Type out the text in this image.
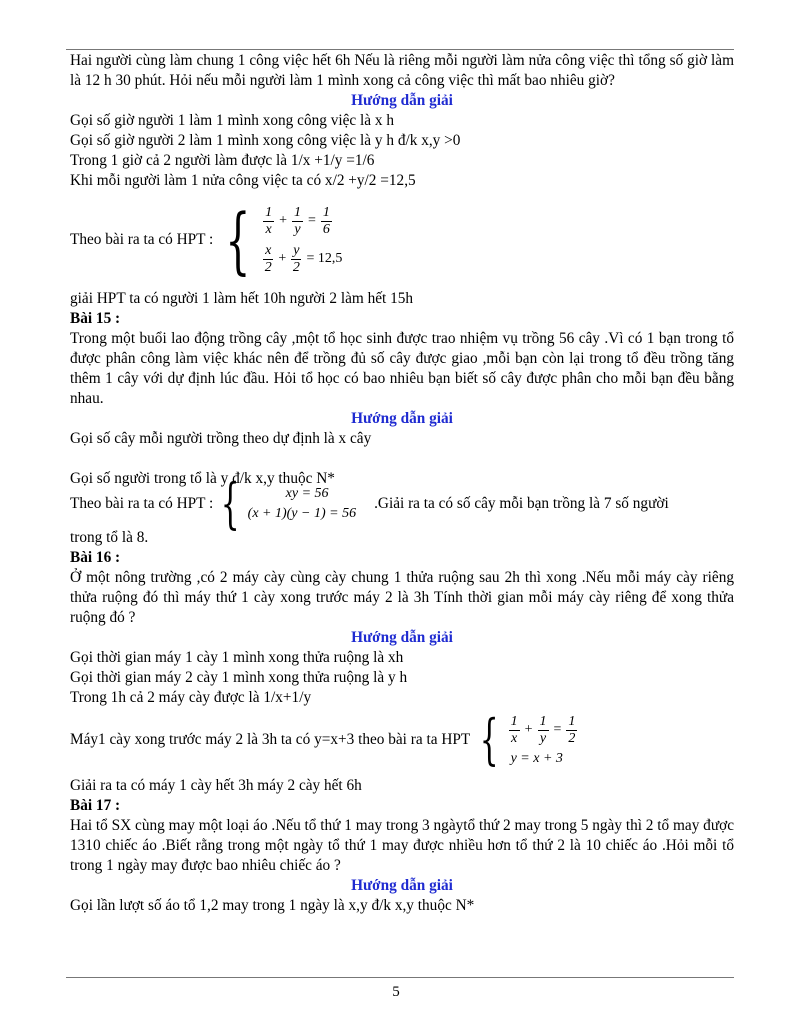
Hai người cùng làm chung 1 công việc hết 6h Nếu là riêng mỗi người làm nửa công việc thì tổng số giờ làm là 12 h 30 phút. Hỏi nếu mỗi người làm 1 mình xong cả công việc thì mất bao nhiêu giờ?

Hướng dẫn giải

Gọi số giờ người 1 làm 1 mình xong công việc là x h

Gọi số giờ người 2 làm 1 mình xong công việc là y h đ/k x,y >0

Trong 1 giờ cả 2 người làm được là 1/x +1/y =1/6

Khi mỗi người làm 1 nửa công việc ta có x/2 +y/2 =12,5

Theo bài ra ta có HPT : { $\frac{1}{x} + \frac{1}{y} = \frac{1}{6}$
$\frac{x}{2} + \frac{y}{2} = 12,5$

giải HPT ta có người 1 làm hết 10h người 2 làm hết 15h

Bài 15 :

Trong một buổi lao động trồng cây ,một tổ học sinh được trao nhiệm vụ trồng 56 cây .Vì có 1 bạn trong tổ được phân công làm việc khác nên để trồng đủ số cây được giao ,mỗi bạn còn lại trong tổ đều trồng tăng thêm 1 cây với dự định lúc đầu. Hỏi tổ học có bao nhiêu bạn biết số cây được phân cho mỗi bạn đều bằng nhau.

Hướng dẫn giải

Gọi số cây mỗi người trồng theo dự định là x cây

Gọi số người trong tổ là y đ/k x,y thuộc N*

Theo bài ra ta có HPT : {	xy = 56
(x + 1)(y − 1) = 56
.Giải ra ta có số cây mỗi bạn trồng là 7 số người

trong tổ là 8.

Bài 16 :

Ở một nông trường ,có 2 máy cày cùng cày chung 1 thửa ruộng sau 2h thì xong .Nếu mỗi máy cày riêng thửa ruộng đó thì máy thứ 1 cày xong trước máy 2 là 3h Tính thời gian mỗi máy cày riêng để xong thửa ruộng đó ?

Hướng dẫn giải

Gọi thời gian máy 1 cày 1 mình xong thửa ruộng là xh

Gọi thời gian máy 2 cày 1 mình xong thửa ruộng là y h

Trong 1h cả 2 máy cày được là 1/x+1/y

Máy1 cày xong trước máy 2 là 3h ta có y=x+3 theo bài ra ta HPT { $\frac{1}{x} + \frac{1}{y} = \frac{1}{2}$
y = x + 3

Giải ra ta có máy 1 cày hết 3h máy 2 cày hết 6h

Bài 17 :

Hai tổ SX cùng may một loại áo .Nếu tổ thứ 1 may trong 3 ngàytổ thứ 2 may trong 5 ngày thì 2 tổ may được 1310 chiếc áo .Biết rằng trong một ngày tổ thứ 1 may được nhiều hơn tổ thứ 2 là 10 chiếc áo .Hỏi mỗi tổ trong 1 ngày may được bao nhiêu chiếc áo ?

Hướng dẫn giải

Gọi lần lượt số áo tổ 1,2 may trong 1 ngày là x,y đ/k x,y thuộc N*

5
